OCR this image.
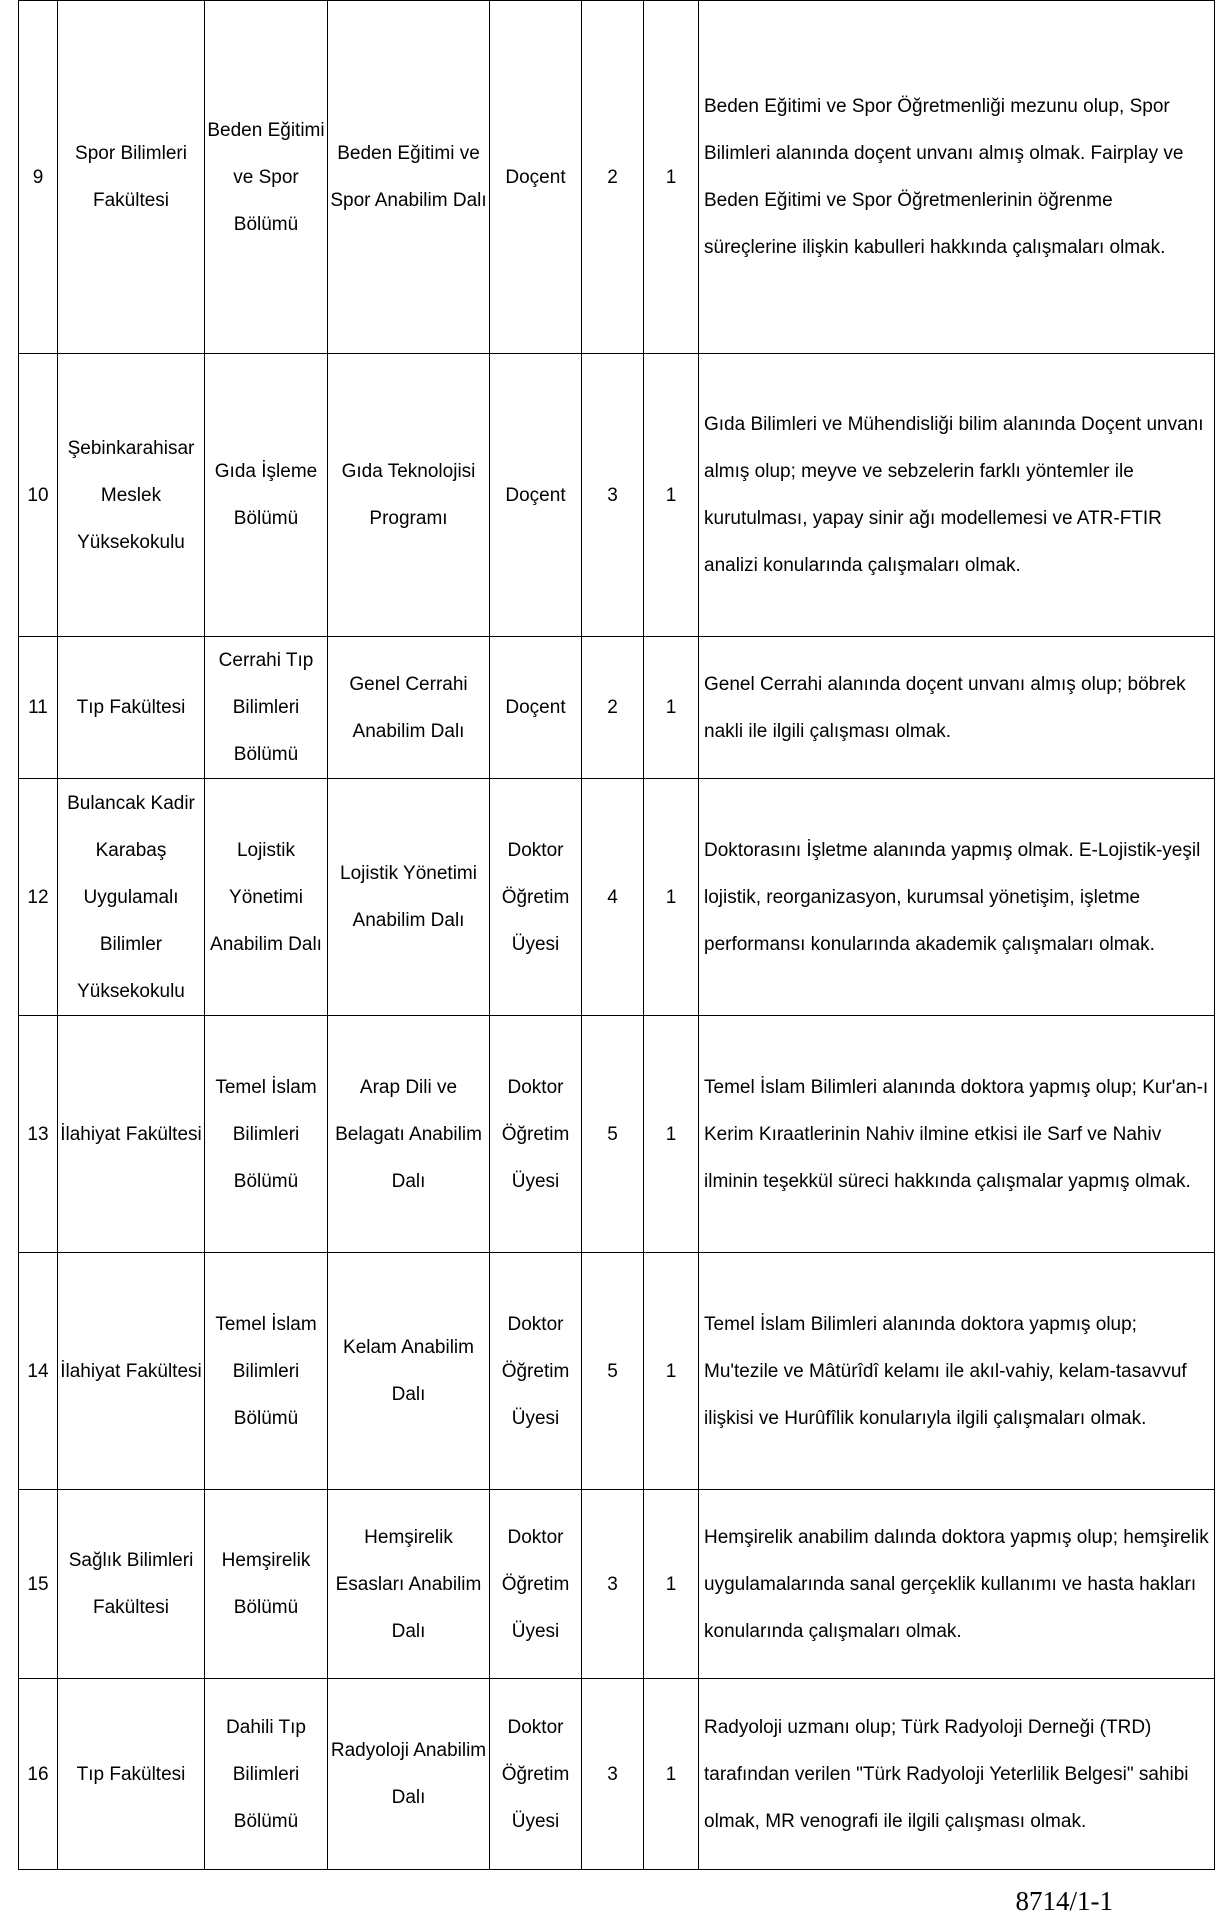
9	Spor Bilimleri Fakültesi	Beden Eğitimi ve Spor Bölümü	Beden Eğitimi ve Spor Anabilim Dalı	Doçent	2	1	Beden Eğitimi ve Spor Öğretmenliği mezunu olup, Spor Bilimleri alanında doçent unvanı almış olmak. Fairplay ve Beden Eğitimi ve Spor Öğretmenlerinin öğrenme süreçlerine ilişkin kabulleri hakkında çalışmaları olmak.
10	Şebinkarahisar Meslek Yüksekokulu	Gıda İşleme Bölümü	Gıda Teknolojisi Programı	Doçent	3	1	Gıda Bilimleri ve Mühendisliği bilim alanında Doçent unvanı almış olup; meyve ve sebzelerin farklı yöntemler ile kurutulması, yapay sinir ağı modellemesi ve ATR-FTIR analizi konularında çalışmaları olmak.
11	Tıp Fakültesi	Cerrahi Tıp Bilimleri Bölümü	Genel Cerrahi Anabilim Dalı	Doçent	2	1	Genel Cerrahi alanında doçent unvanı almış olup; böbrek nakli ile ilgili çalışması olmak.
12	Bulancak Kadir Karabaş Uygulamalı Bilimler Yüksekokulu	Lojistik Yönetimi Anabilim Dalı	Lojistik Yönetimi Anabilim Dalı	Doktor Öğretim Üyesi	4	1	Doktorasını İşletme alanında yapmış olmak. E-Lojistik-yeşil lojistik, reorganizasyon, kurumsal yönetişim, işletme performansı konularında akademik çalışmaları olmak.
13	İlahiyat Fakültesi	Temel İslam Bilimleri Bölümü	Arap Dili ve Belagatı Anabilim Dalı	Doktor Öğretim Üyesi	5	1	Temel İslam Bilimleri alanında doktora yapmış olup; Kur'an-ı Kerim Kıraatlerinin Nahiv ilmine etkisi ile Sarf ve Nahiv ilminin teşekkül süreci hakkında çalışmalar yapmış olmak.
14	İlahiyat Fakültesi	Temel İslam Bilimleri Bölümü	Kelam Anabilim Dalı	Doktor Öğretim Üyesi	5	1	Temel İslam Bilimleri alanında doktora yapmış olup; Mu'tezile ve Mâtürîdî kelamı ile akıl-vahiy, kelam-tasavvuf ilişkisi ve Hurûfîlik konularıyla ilgili çalışmaları olmak.
15	Sağlık Bilimleri Fakültesi	Hemşirelik Bölümü	Hemşirelik Esasları Anabilim Dalı	Doktor Öğretim Üyesi	3	1	Hemşirelik anabilim dalında doktora yapmış olup; hemşirelik uygulamalarında sanal gerçeklik kullanımı ve hasta hakları konularında çalışmaları olmak.
16	Tıp Fakültesi	Dahili Tıp Bilimleri Bölümü	Radyoloji Anabilim Dalı	Doktor Öğretim Üyesi	3	1	Radyoloji uzmanı olup; Türk Radyoloji Derneği (TRD) tarafından verilen "Türk Radyoloji Yeterlilik Belgesi" sahibi olmak, MR venografi ile ilgili çalışması olmak.
8714/1-1
